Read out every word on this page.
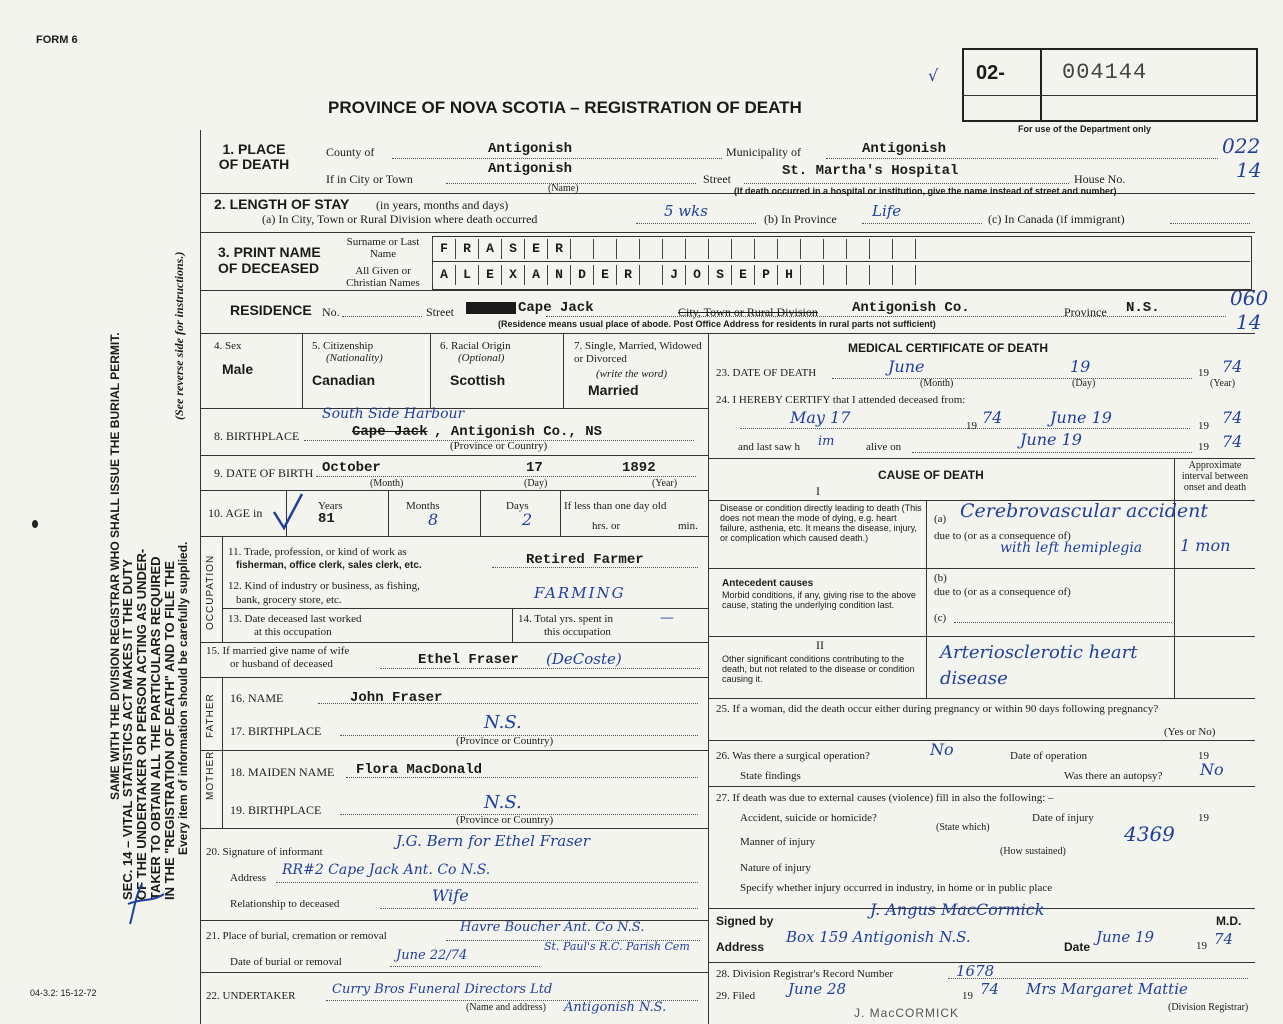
FORM 6
PROVINCE OF NOVA SCOTIA – REGISTRATION OF DEATH
√ 02-	004144
For use of the Department only
022
14
060
14
SEC. 14 – VITAL STATISTICS ACT MAKES IT THE DUTY OF THE UNDERTAKER OR PERSON ACTING AS UNDER- TAKER TO OBTAIN ALL THE PARTICULARS REQUIRED IN THE "REGISTRATION OF DEATH" AND TO FILE THE
SAME WITH THE DIVISION REGISTRAR WHO SHALL ISSUE THE BURIAL PERMIT.	Every item of information should be carefully supplied.
(See reverse side for instructions.)
04-3.2: 15-12-72
1. PLACE OF DEATH
County of	Antigonish	Municipality of	Antigonish
If in City or Town
Antigonish
(Name)
Street	St. Martha's Hospital	House No.
(If death occurred in a hospital or institution, give the name instead of street and number)
2. LENGTH OF STAY (in years, months and days)
(a) In City, Town or Rural Division where death occurred	5 wks	(b) In Province Life	(c) In Canada (if immigrant)
3. PRINT NAME OF DECEASED
Surname or Last Name
All Given or Christian Names
F	R	A	S	E	R
A	L	E	X	A	N	D	E	R	J	O	S	E	P	H
RESIDENCE No.	Street	Cape Jack	City, Town or Rural Division Antigonish Co.	Province N.S.
(Residence means usual place of abode. Post Office Address for residents in rural parts not sufficient)
4. Sex
Male
5. Citizenship
(Nationality)
Canadian
6. Racial Origin
(Optional)
Scottish
7. Single, Married, Widowed or Divorced
(write the word)
Married
8. BIRTHPLACE
South Side Harbour
Cape Jack , Antigonish Co., NS
(Province or Country)
9. DATE OF BIRTH October	17	1892
(Month)	(Day)	(Year)
10. AGE in	Years
81
Months
8
Days
2
If less than one day old
hrs. or	min.
OCCUPATION
11. Trade, profession, or kind of work as
fisherman, office clerk, sales clerk, etc.	Retired Farmer
12. Kind of industry or business, as fishing,
bank, grocery store, etc.	FARMING
13. Date deceased last worked
at this occupation
14. Total yrs. spent in
this occupation
—
15. If married give name of wife
or husband of deceased	Ethel Fraser (DeCoste)
FATHER 16. NAME	John Fraser
17. BIRTHPLACE	N.S.
(Province or Country)
MOTHER 18. MAIDEN NAME Flora MacDonald
19. BIRTHPLACE	N.S.
(Province or Country)
20. Signature of informant
J.G. Bern for Ethel Fraser
Address RR#2 Cape Jack Ant. Co N.S.
Relationship to deceased	Wife
21. Place of burial, cremation or removal
Havre Boucher Ant. Co N.S.
St. Paul's R.C. Parish Cem
Date of burial or removal	June 22/74
22. UNDERTAKER	Curry Bros Funeral Directors Ltd
(Name and address) Antigonish N.S.	J. MacCORMICK
MEDICAL CERTIFICATE OF DEATH
23. DATE OF DEATH	June	19	19 74
(Month)	(Day)	(Year)
24. I HEREBY CERTIFY that I attended deceased from:
May 17	19 74	June 19	19 74
and last saw h im	alive on	June 19	19 74
CAUSE OF DEATH
Approximate interval between onset and death
I
Disease or condition directly leading to death (This does not mean the mode of dying, e.g. heart failure, asthenia, etc. It means the disease, injury, or complication which caused death.)
(a) Cerebrovascular accident
due to (or as a consequence of)
with left hemiplegia 1 mon
Antecedent causes
Morbid conditions, if any, giving rise to the above cause, stating the underlying condition last.
(b)
due to (or as a consequence of)
(c)
II
Other significant conditions contributing to the death, but not related to the disease or condition causing it.
Arteriosclerotic heart disease
25. If a woman, did the death occur either during pregnancy or within 90 days following pregnancy?
(Yes or No)
26. Was there a surgical operation?	No	Date of operation	19
State findings	Was there an autopsy? No
27. If death was due to external causes (violence) fill in also the following: –
Accident, suicide or homicide?
(State which)
Date of injury	19
4369
Manner of injury
(How sustained)
Nature of injury
Specify whether injury occurred in industry, in home or in public place
Signed by
J. Angus MacCormick
M.D.
Address
Box 159 Antigonish N.S.
Date
June 19	19 74
28. Division Registrar's Record Number	1678
29. Filed June 28	19 74 Mrs Margaret Mattie
(Division Registrar)
